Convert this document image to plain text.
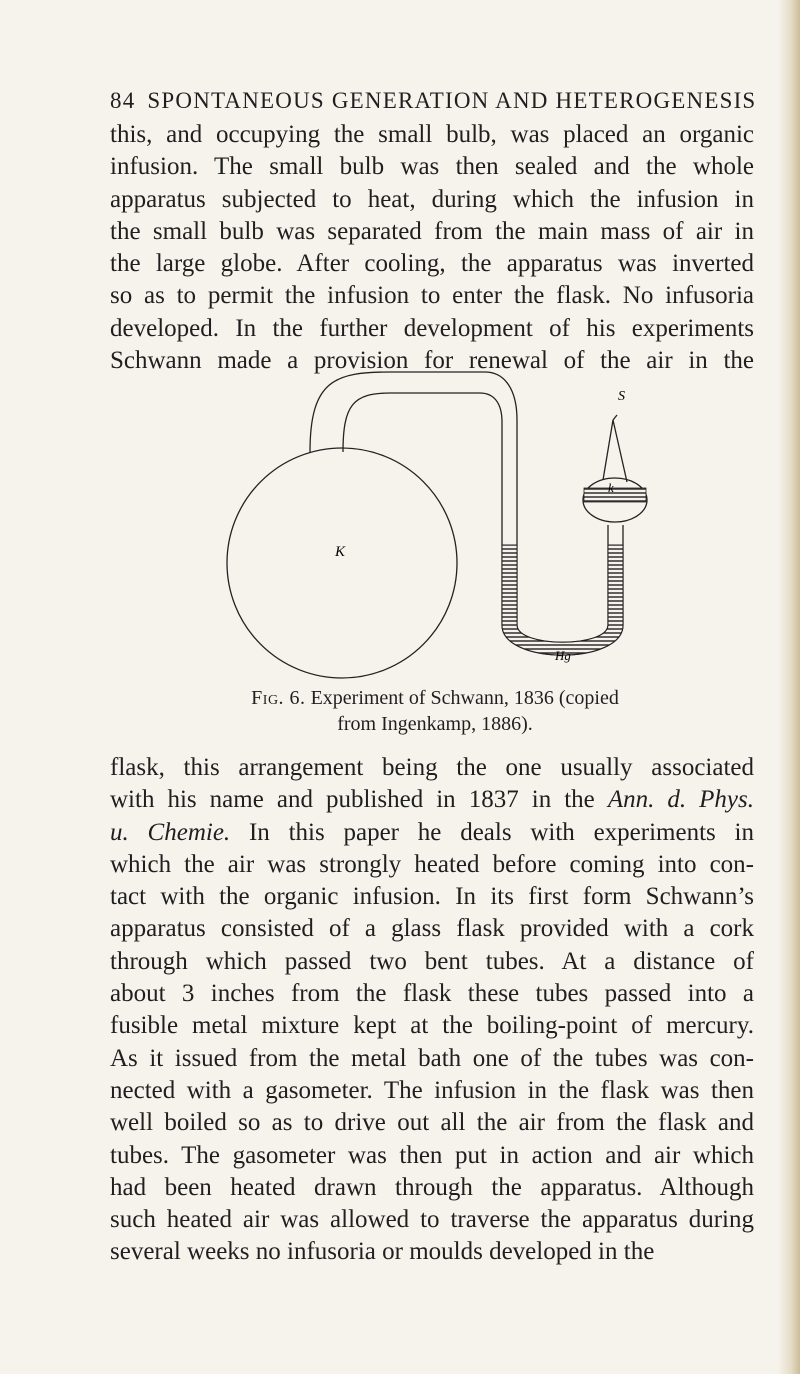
84 SPONTANEOUS GENERATION AND HETEROGENESIS
this, and occupying the small bulb, was placed an organic
infusion. The small bulb was then sealed and the whole
apparatus subjected to heat, during which the infusion in
the small bulb was separated from the main mass of air in
the large globe. After cooling, the apparatus was inverted
so as to permit the infusion to enter the flask. No infusoria
developed. In the further development of his experiments
Schwann made a provision for renewal of the air in the
K
S
k
Hg
Fig. 6. Experiment of Schwann, 1836 (copied
from Ingenkamp, 1886).
flask, this arrangement being the one usually associated
with his name and published in 1837 in the Ann. d. Phys.
u. Chemie. In this paper he deals with experiments in
which the air was strongly heated before coming into con-
tact with the organic infusion. In its first form Schwann’s
apparatus consisted of a glass flask provided with a cork
through which passed two bent tubes. At a distance of
about 3 inches from the flask these tubes passed into a
fusible metal mixture kept at the boiling-point of mercury.
As it issued from the metal bath one of the tubes was con-
nected with a gasometer. The infusion in the flask was then
well boiled so as to drive out all the air from the flask and
tubes. The gasometer was then put in action and air which
had been heated drawn through the apparatus. Although
such heated air was allowed to traverse the apparatus during
several weeks no infusoria or moulds developed in the
